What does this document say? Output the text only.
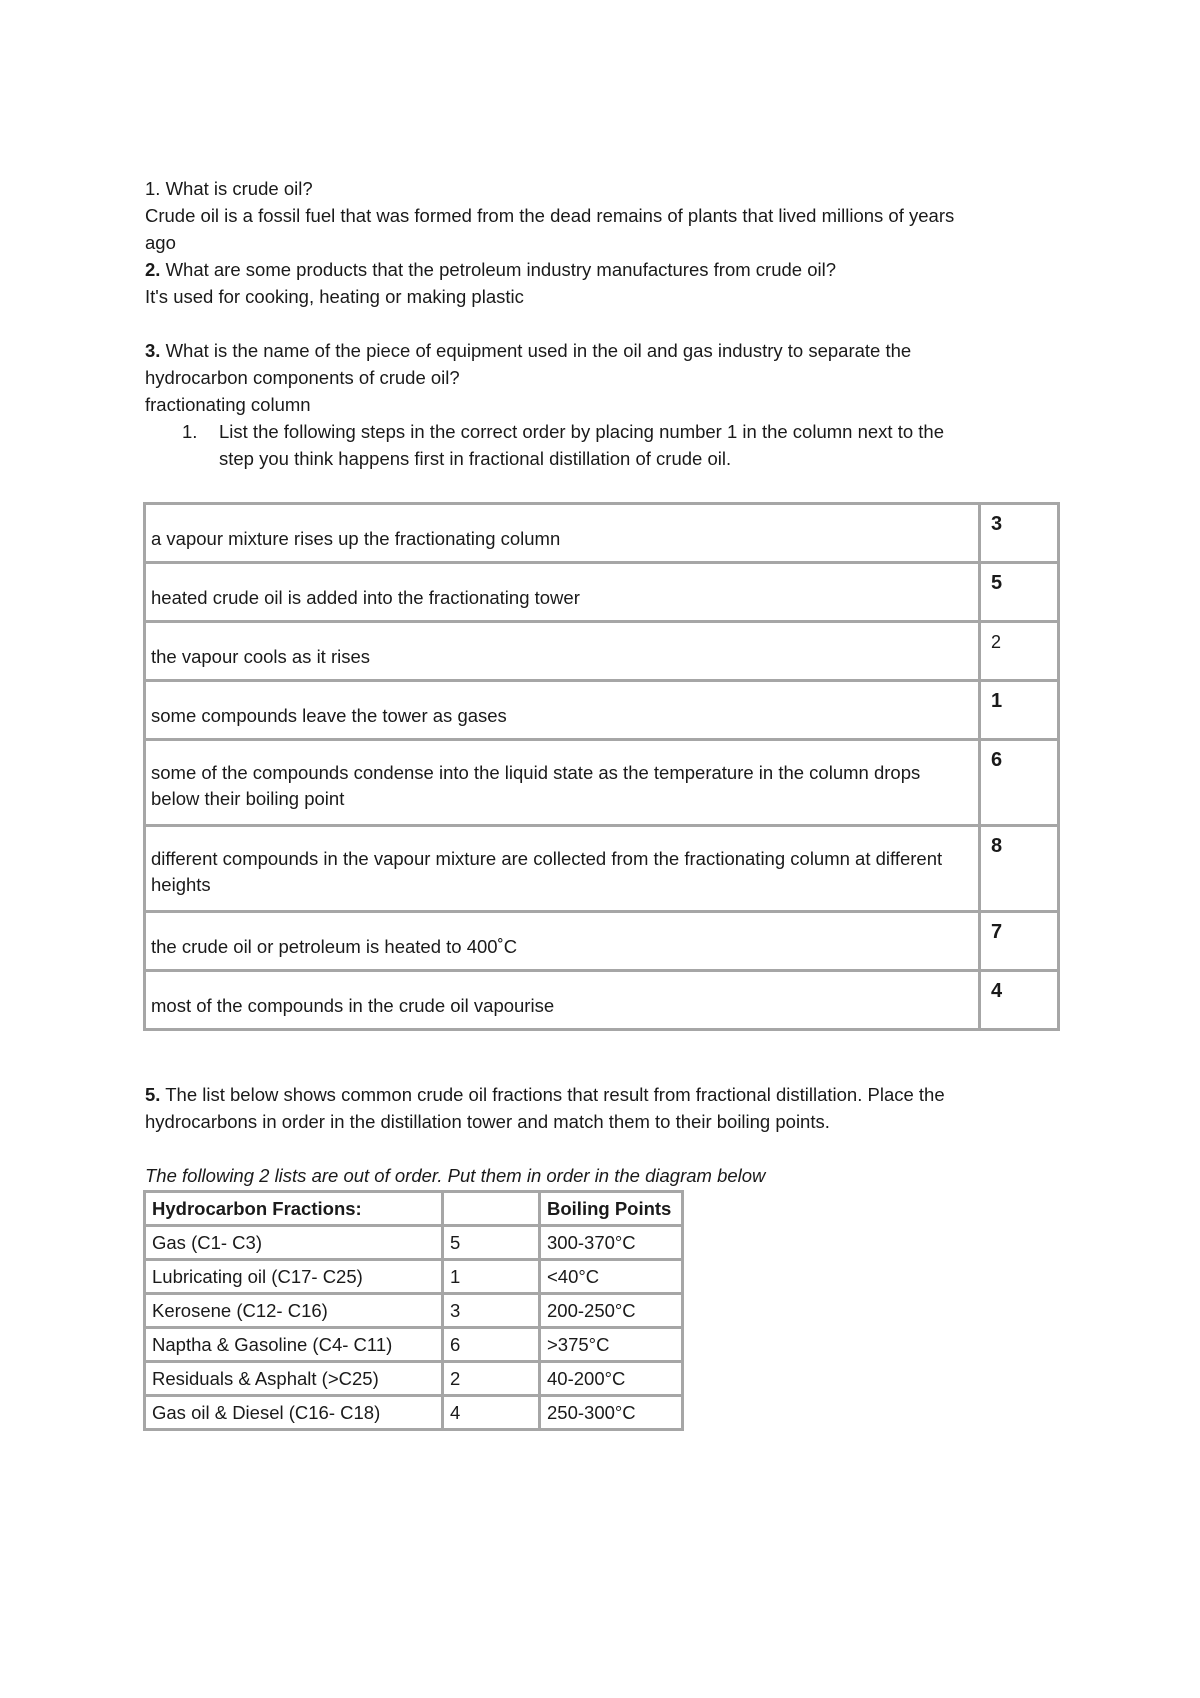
1. What is crude oil?
Crude oil is a fossil fuel that was formed from the dead remains of plants that lived millions of years
ago
2. What are some products that the petroleum industry manufactures from crude oil?
It's used for cooking, heating or making plastic
3. What is the name of the piece of equipment used in the oil and gas industry to separate the
hydrocarbon components of crude oil?
fractionating column
1. List the following steps in the correct order by placing number 1 in the column next to the
step you think happens first in fractional distillation of crude oil.
a vapour mixture rises up the fractionating column	3
heated crude oil is added into the fractionating tower	5
the vapour cools as it rises	2
some compounds leave the tower as gases	1
some of the compounds condense into the liquid state as the temperature in the column drops below their boiling point	6
different compounds in the vapour mixture are collected from the fractionating column at different heights	8
the crude oil or petroleum is heated to 400˚C	7
most of the compounds in the crude oil vapourise	4
5. The list below shows common crude oil fractions that result from fractional distillation. Place the
hydrocarbons in order in the distillation tower and match them to their boiling points.
The following 2 lists are out of order. Put them in order in the diagram below
Hydrocarbon Fractions:		Boiling Points
Gas (C1- C3)	5	300-370°C
Lubricating oil (C17- C25)	1	<40°C
Kerosene (C12- C16)	3	200-250°C
Naptha & Gasoline (C4- C11)	6	>375°C
Residuals & Asphalt (>C25)	2	40-200°C
Gas oil & Diesel (C16- C18)	4	250-300°C
